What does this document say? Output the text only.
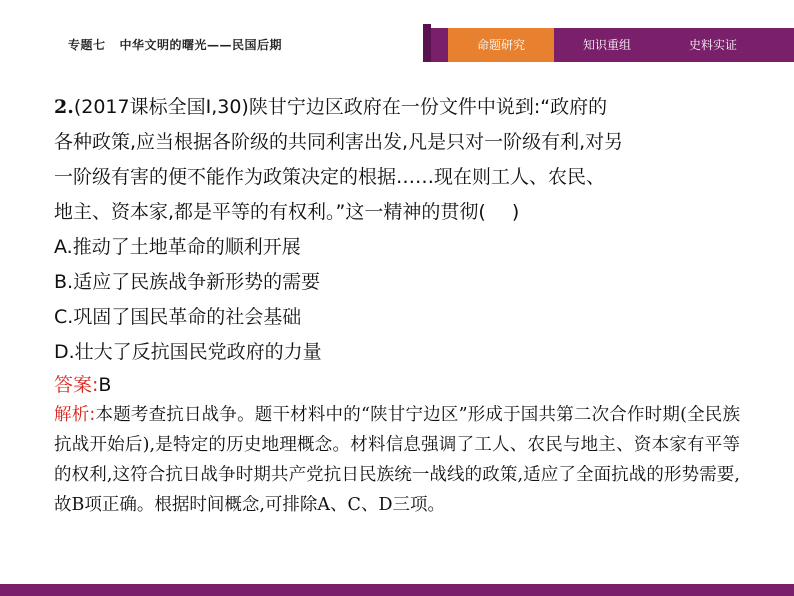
专题七 中华文明的曙光——民国后期	命题研究	知识重组	史料实证
2.(2017课标全国Ⅰ,30)陕甘宁边区政府在一份文件中说到:“政府的
各种政策,应当根据各阶级的共同利害出发,凡是只对一阶级有利,对另
一阶级有害的便不能作为政策决定的根据……现在则工人、农民、
地主、资本家,都是平等的有权利。”这一精神的贯彻( )
A.推动了土地革命的顺利开展
B.适应了民族战争新形势的需要
C.巩固了国民革命的社会基础
D.壮大了反抗国民党政府的力量
答案:B
解析:本题考查抗日战争。题干材料中的“陕甘宁边区”形成于国共第二次合作时期(全民族抗战开始后),是特定的历史地理概念。材料信息强调了工人、农民与地主、资本家有平等的权利,这符合抗日战争时期共产党抗日民族统一战线的政策,适应了全面抗战的形势需要,故B项正确。根据时间概念,可排除A、C、D三项。
